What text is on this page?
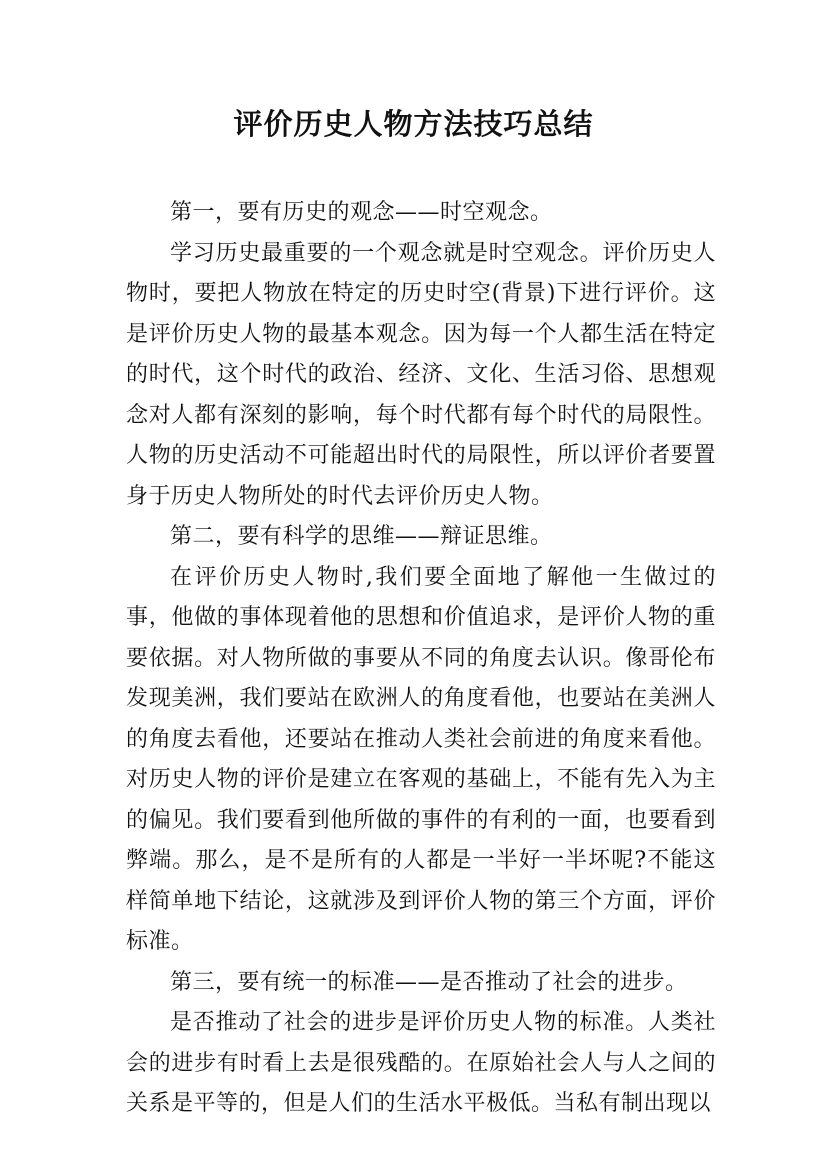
评价历史人物方法技巧总结

第一，要有历史的观念——时空观念。

学习历史最重要的一个观念就是时空观念。评价历史人物时，要把人物放在特定的历史时空(背景)下进行评价。这是评价历史人物的最基本观念。因为每一个人都生活在特定的时代，这个时代的政治、经济、文化、生活习俗、思想观念对人都有深刻的影响，每个时代都有每个时代的局限性。人物的历史活动不可能超出时代的局限性，所以评价者要置身于历史人物所处的时代去评价历史人物。

第二，要有科学的思维——辩证思维。

在评价历史人物时,我们要全面地了解他一生做过的事，他做的事体现着他的思想和价值追求，是评价人物的重要依据。对人物所做的事要从不同的角度去认识。像哥伦布发现美洲，我们要站在欧洲人的角度看他，也要站在美洲人的角度去看他，还要站在推动人类社会前进的角度来看他。对历史人物的评价是建立在客观的基础上，不能有先入为主的偏见。我们要看到他所做的事件的有利的一面，也要看到弊端。那么，是不是所有的人都是一半好一半坏呢?不能这样简单地下结论，这就涉及到评价人物的第三个方面，评价标准。

第三，要有统一的标准——是否推动了社会的进步。

是否推动了社会的进步是评价历史人物的标准。人类社会的进步有时看上去是很残酷的。在原始社会人与人之间的关系是平等的，但是人们的生活水平极低。当私有制出现以
